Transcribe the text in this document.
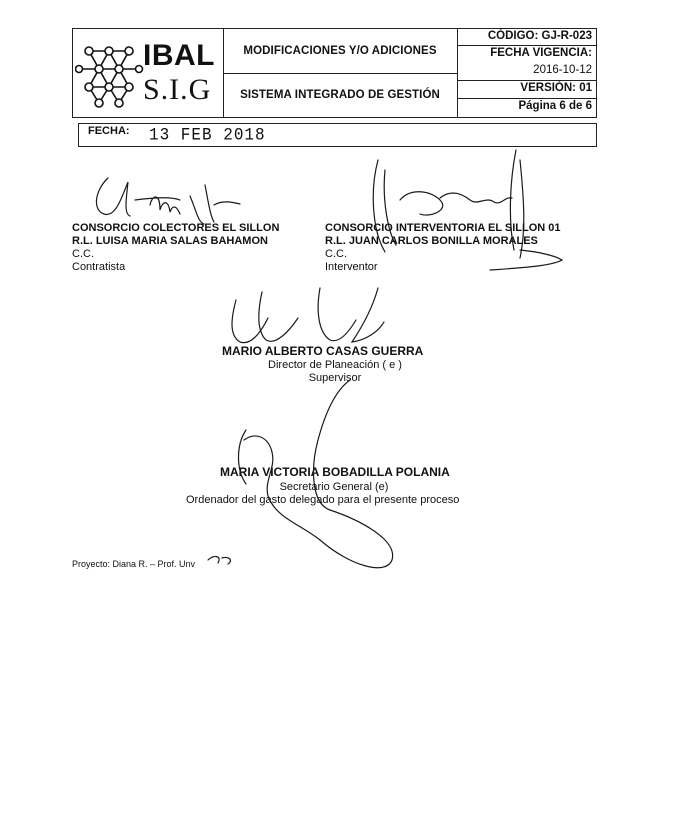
IBAL
S.I.G
MODIFICACIONES Y/O ADICIONES
SISTEMA INTEGRADO DE GESTIÓN
CÓDIGO: GJ-R-023
FECHA VIGENCIA:
2016-10-12
VERSIÓN: 01
Página 6 de 6
FECHA: 13 FEB 2018
CONSORCIO COLECTORES EL SILLON
R.L. LUISA MARIA SALAS BAHAMON
C.C.
Contratista
CONSORCIO INTERVENTORIA EL SILLON 01
R.L. JUAN CARLOS BONILLA MORALES
C.C.
Interventor
MARIO ALBERTO CASAS GUERRA
Director de Planeación ( e )
Supervisor
MARIA VICTORIA BOBADILLA POLANIA
Secretario General (e)
Ordenador del gasto delegado para el presente proceso
Proyecto: Diana R. – Prof. Unv
